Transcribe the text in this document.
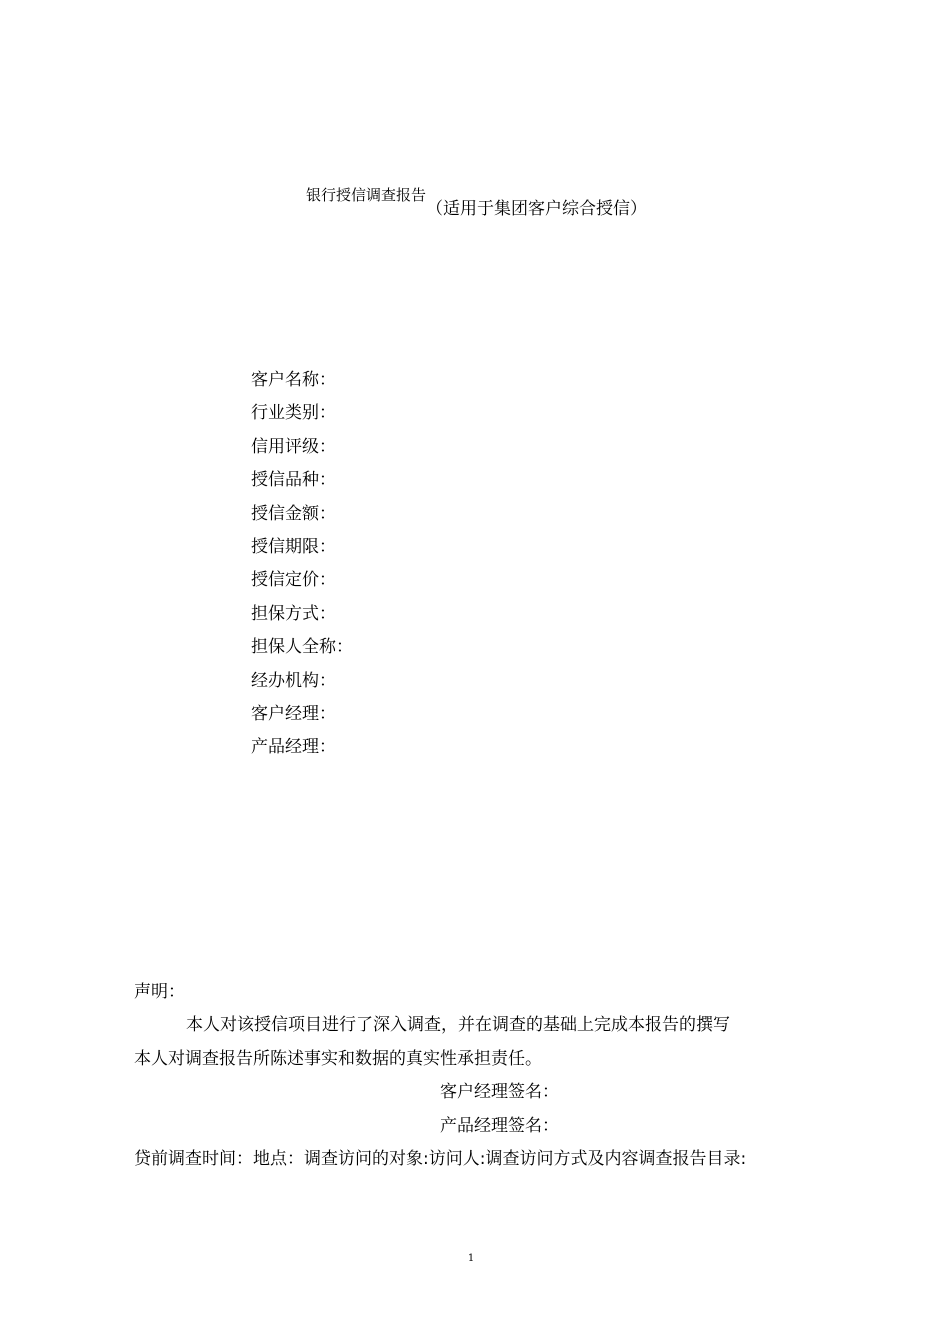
银行授信调查报告
（适用于集团客户综合授信）
客户名称：
行业类别：
信用评级：
授信品种：
授信金额：
授信期限：
授信定价：
担保方式：
担保人全称：
经办机构：
客户经理：
产品经理：
声明：
本人对该授信项目进行了深入调查，并在调查的基础上完成本报告的撰写
本人对调查报告所陈述事实和数据的真实性承担责任。
客户经理签名：
产品经理签名：
贷前调查时间：地点：调查访问的对象:访问人:调查访问方式及内容调查报告目录:
1
